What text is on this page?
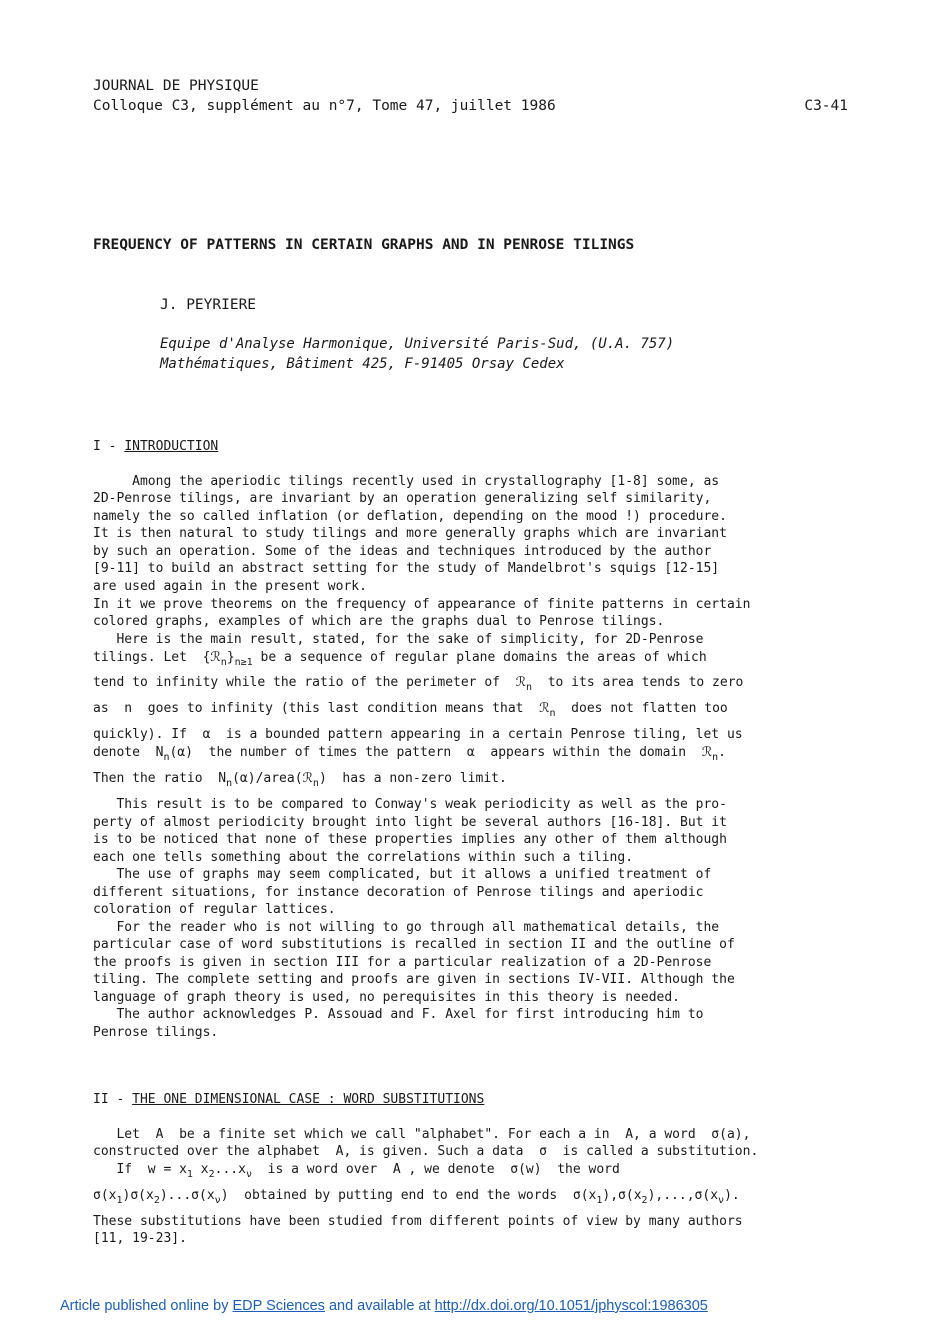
JOURNAL DE PHYSIQUE
Colloque C3, supplément au n°7, Tome 47, juillet 1986	C3-41
FREQUENCY OF PATTERNS IN CERTAIN GRAPHS AND IN PENROSE TILINGS
J. PEYRIERE
Equipe d'Analyse Harmonique, Université Paris-Sud, (U.A. 757)
Mathématiques, Bâtiment 425, F-91405 Orsay Cedex
I - INTRODUCTION
Among the aperiodic tilings recently used in crystallography [1-8] some, as
2D-Penrose tilings, are invariant by an operation generalizing self similarity,
namely the so called inflation (or deflation, depending on the mood !) procedure.
It is then natural to study tilings and more generally graphs which are invariant
by such an operation. Some of the ideas and techniques introduced by the author
[9-11] to build an abstract setting for the study of Mandelbrot's squigs [12-15]
are used again in the present work.
In it we prove theorems on the frequency of appearance of finite patterns in certain
colored graphs, examples of which are the graphs dual to Penrose tilings.
Here is the main result, stated, for the sake of simplicity, for 2D-Penrose
tilings. Let  $\{ℛ_n\}_{n\ge 1}$ be a sequence of regular plane domains the areas of which
tend to infinity while the ratio of the perimeter of  ℛ$_n$  to its area tends to zero
as  n  goes to infinity (this last condition means that  ℛ$_n$  does not flatten too
quickly). If  α  is a bounded pattern appearing in a certain Penrose tiling, let us
denote  $N_n(\alpha)$  the number of times the pattern  α  appears within the domain  ℛ$_n$.
Then the ratio  $N_n(\alpha)/area(ℛ_n)$  has a non-zero limit.
This result is to be compared to Conway's weak periodicity as well as the pro-
perty of almost periodicity brought into light be several authors [16-18]. But it
is to be noticed that none of these properties implies any other of them although
each one tells something about the correlations within such a tiling.
The use of graphs may seem complicated, but it allows a unified treatment of
different situations, for instance decoration of Penrose tilings and aperiodic
coloration of regular lattices.
For the reader who is not willing to go through all mathematical details, the
particular case of word substitutions is recalled in section II and the outline of
the proofs is given in section III for a particular realization of a 2D-Penrose
tiling. The complete setting and proofs are given in sections IV-VII. Although the
language of graph theory is used, no perequisites in this theory is needed.
The author acknowledges P. Assouad and F. Axel for first introducing him to
Penrose tilings.
II - THE ONE DIMENSIONAL CASE : WORD SUBSTITUTIONS
Let  A  be a finite set which we call "alphabet". For each a in  A, a word  σ(a),
constructed over the alphabet  A, is given. Such a data  σ  is called a substitution.
If  $w = x_1$ $x_2...x_\nu$  is a word over  A , we denote  σ(w)  the word
$\sigma(x_1)\sigma(x_2)...\sigma(x_\nu)$  obtained by putting end to end the words  $\sigma(x_1),\sigma(x_2),...,\sigma(x_\nu)$.
These substitutions have been studied from different points of view by many authors
[11, 19-23].
Article published online by EDP Sciences and available at http://dx.doi.org/10.1051/jphyscol:1986305
